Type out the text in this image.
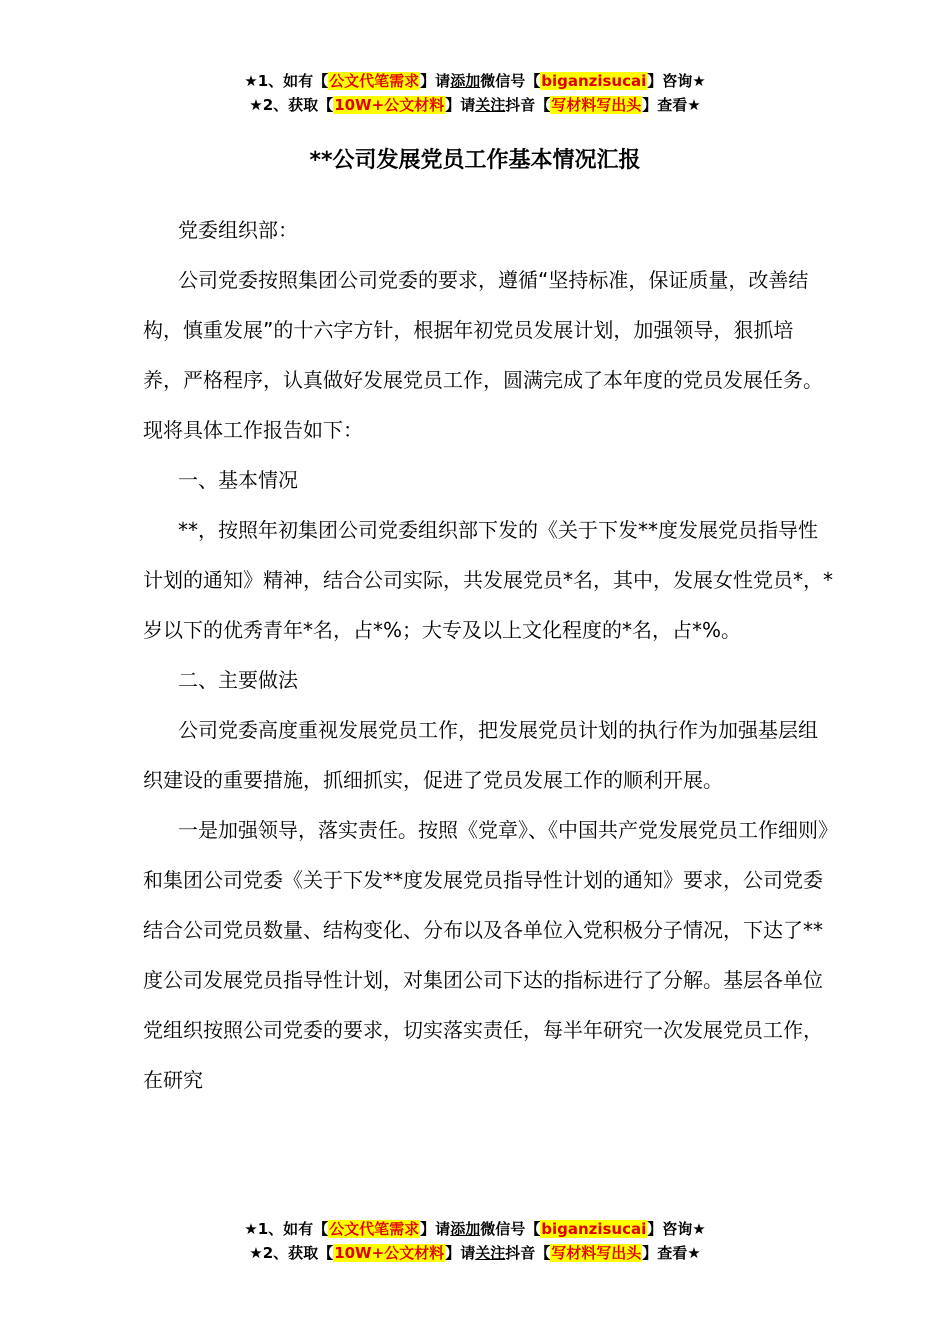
★1、如有【公文代笔需求】请添加微信号【biganzisucai】咨询★
★2、获取【10W+公文材料】请关注抖音【写材料写出头】查看★
**公司发展党员工作基本情况汇报

党委组织部：

公司党委按照集团公司党委的要求，遵循“坚持标准，保证质量，改善结构，慎重发展”的十六字方针，根据年初党员发展计划，加强领导，狠抓培养，严格程序，认真做好发展党员工作，圆满完成了本年度的党员发展任务。现将具体工作报告如下：

一、基本情况

**，按照年初集团公司党委组织部下发的《关于下发**度发展党员指导性计划的通知》精神，结合公司实际，共发展党员*名，其中，发展女性党员*，*岁以下的优秀青年*名，占*%；大专及以上文化程度的*名，占*%。

二、主要做法

公司党委高度重视发展党员工作，把发展党员计划的执行作为加强基层组织建设的重要措施，抓细抓实，促进了党员发展工作的顺利开展。

一是加强领导，落实责任。按照《党章》、《中国共产党发展党员工作细则》和集团公司党委《关于下发**度发展党员指导性计划的通知》要求，公司党委结合公司党员数量、结构变化、分布以及各单位入党积极分子情况，下达了**度公司发展党员指导性计划，对集团公司下达的指标进行了分解。基层各单位党组织按照公司党委的要求，切实落实责任，每半年研究一次发展党员工作，在研究

★1、如有【公文代笔需求】请添加微信号【biganzisucai】咨询★
★2、获取【10W+公文材料】请关注抖音【写材料写出头】查看★
